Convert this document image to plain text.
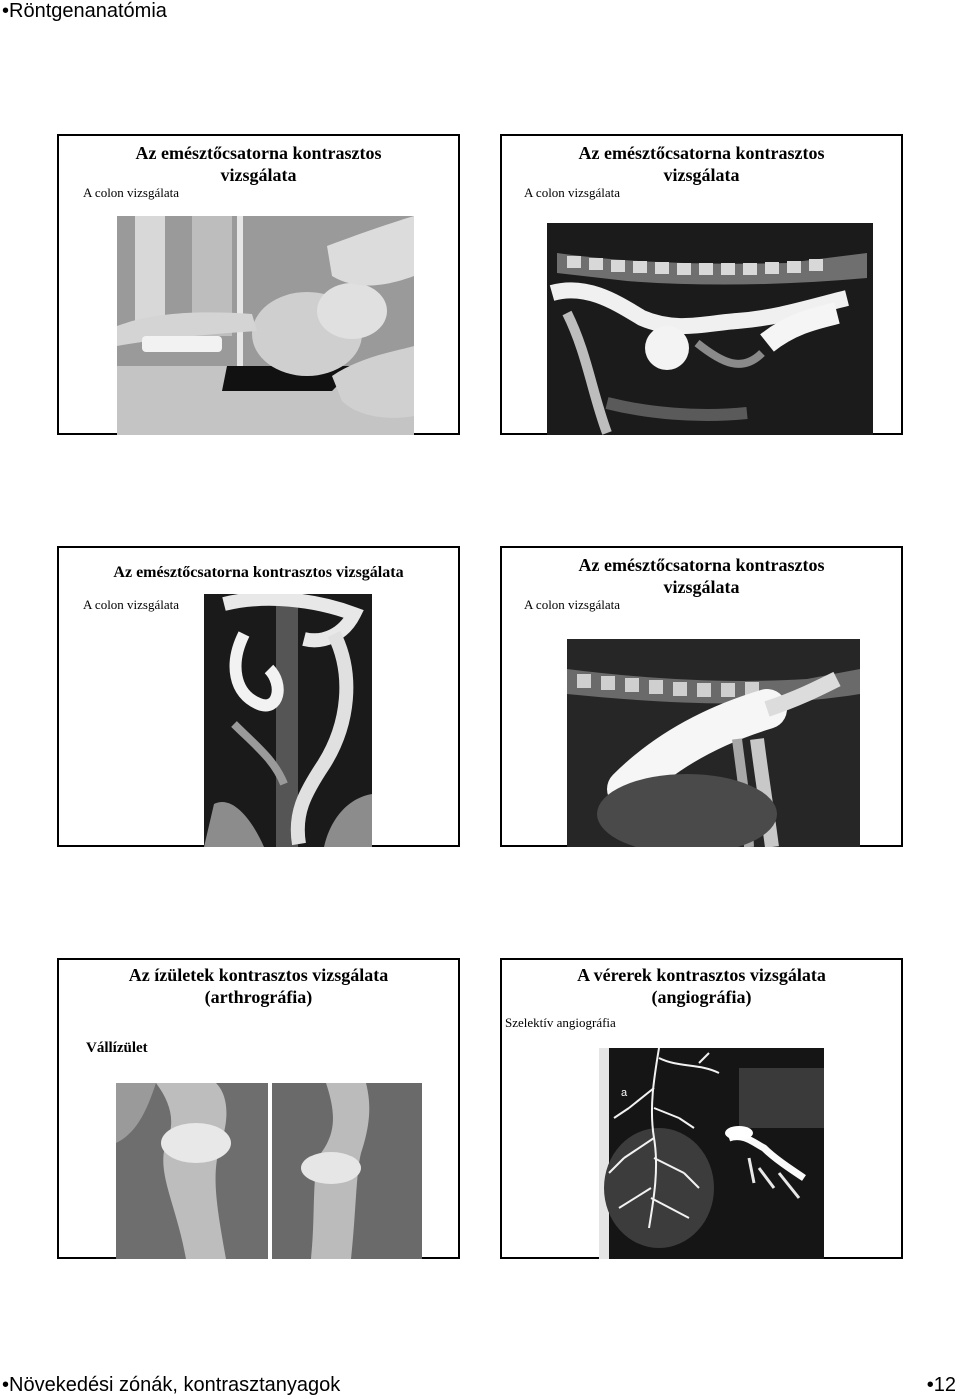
•Röntgenanatómia
Az emésztőcsatorna kontrasztos
vizsgálata
A colon vizsgálata
Az emésztőcsatorna kontrasztos
vizsgálata
A colon vizsgálata
Az emésztőcsatorna kontrasztos vizsgálata
A colon vizsgálata
Az emésztőcsatorna kontrasztos
vizsgálata
A colon vizsgálata
Az ízületek kontrasztos vizsgálata
(arthrográfia)
Vállízület
A vérerek kontrasztos vizsgálata
(angiográfia)
Szelektív angiográfia
a
•Növekedési zónák, kontrasztanyagok	•12
